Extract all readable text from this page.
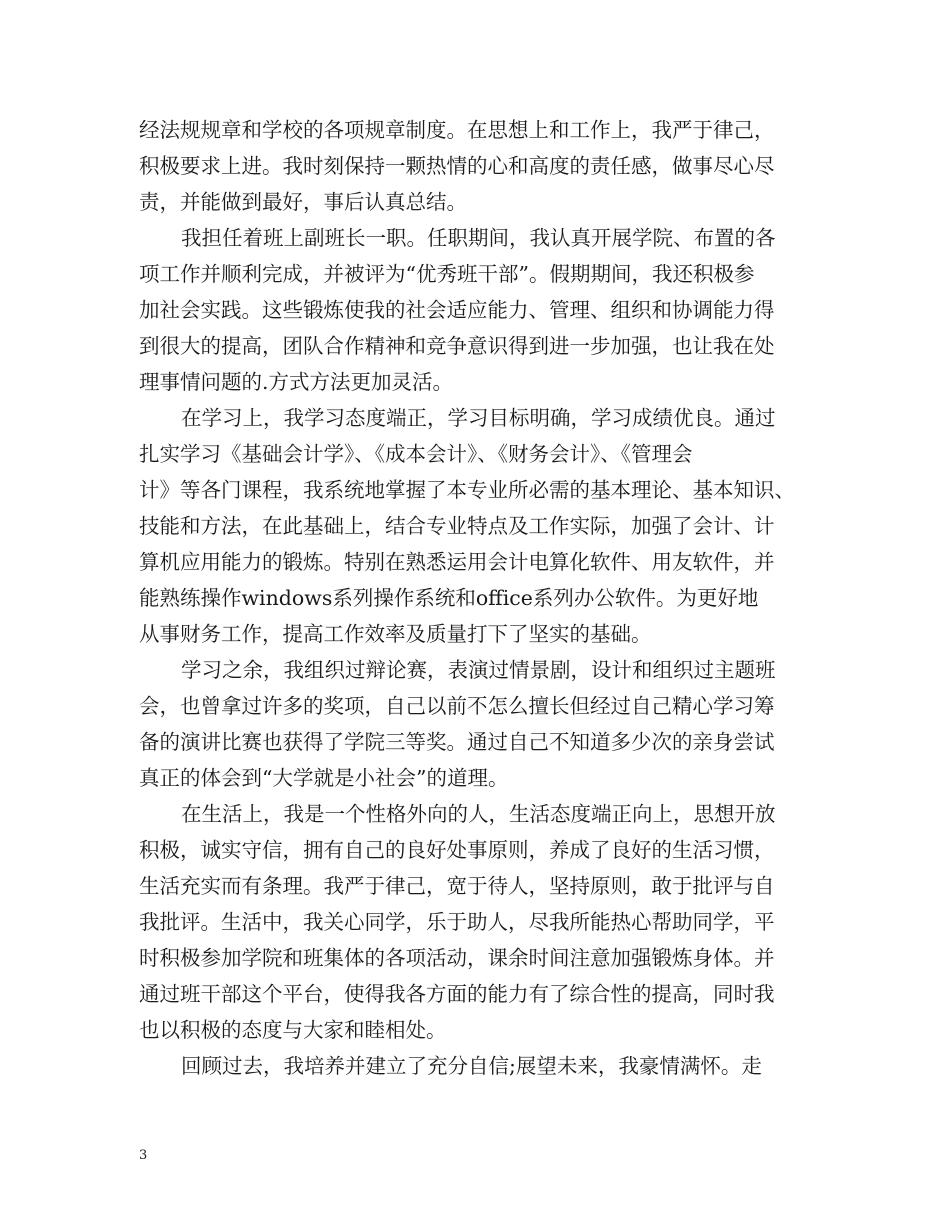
经法规规章和学校的各项规章制度。在思想上和工作上，我严于律己，
积极要求上进。我时刻保持一颗热情的心和高度的责任感，做事尽心尽
责，并能做到最好，事后认真总结。
我担任着班上副班长一职。任职期间，我认真开展学院、布置的各
项工作并顺利完成，并被评为“优秀班干部”。假期期间，我还积极参
加社会实践。这些锻炼使我的社会适应能力、管理、组织和协调能力得
到很大的提高，团队合作精神和竞争意识得到进一步加强，也让我在处
理事情问题的.方式方法更加灵活。
在学习上，我学习态度端正，学习目标明确，学习成绩优良。通过
扎实学习《基础会计学》、《成本会计》、《财务会计》、《管理会
计》等各门课程，我系统地掌握了本专业所必需的基本理论、基本知识、
技能和方法，在此基础上，结合专业特点及工作实际，加强了会计、计
算机应用能力的锻炼。特别在熟悉运用会计电算化软件、用友软件，并
能熟练操作windows系列操作系统和office系列办公软件。为更好地
从事财务工作，提高工作效率及质量打下了坚实的基础。
学习之余，我组织过辩论赛，表演过情景剧，设计和组织过主题班
会，也曾拿过许多的奖项，自己以前不怎么擅长但经过自己精心学习筹
备的演讲比赛也获得了学院三等奖。通过自己不知道多少次的亲身尝试
真正的体会到“大学就是小社会”的道理。
在生活上，我是一个性格外向的人，生活态度端正向上，思想开放
积极，诚实守信，拥有自己的良好处事原则，养成了良好的生活习惯，
生活充实而有条理。我严于律己，宽于待人，坚持原则，敢于批评与自
我批评。生活中，我关心同学，乐于助人，尽我所能热心帮助同学，平
时积极参加学院和班集体的各项活动，课余时间注意加强锻炼身体。并
通过班干部这个平台，使得我各方面的能力有了综合性的提高，同时我
也以积极的态度与大家和睦相处。
回顾过去，我培养并建立了充分自信;展望未来，我豪情满怀。走
3
